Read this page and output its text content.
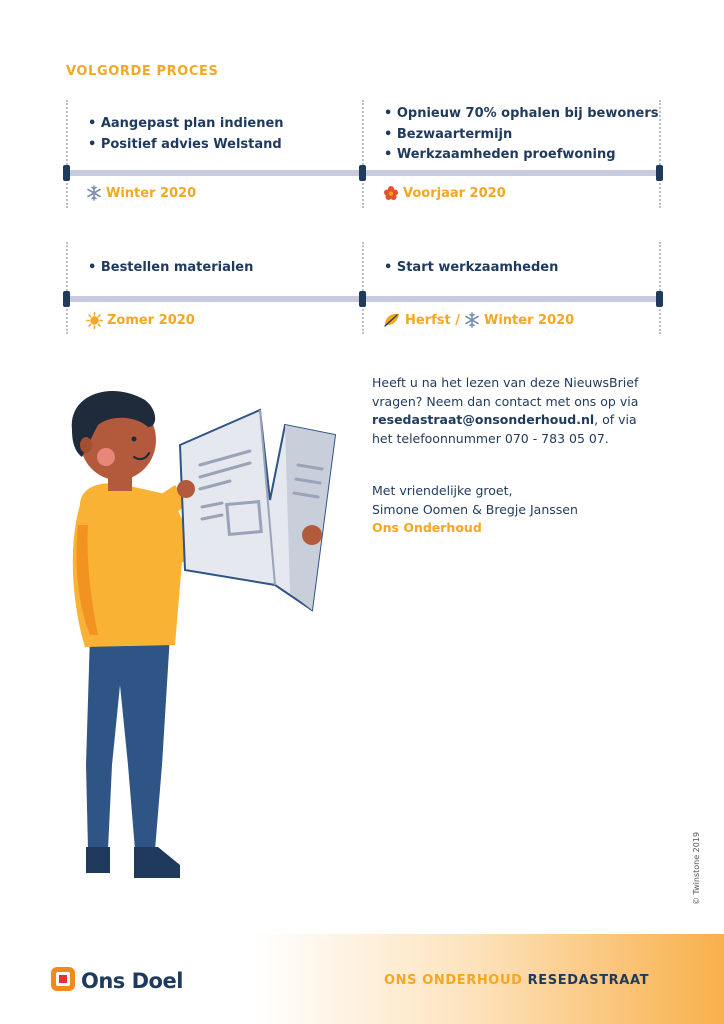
VOLGORDE PROCES
• Aangepast plan indienen
• Positief advies Welstand
• Opnieuw 70% ophalen bij bewoners
• Bezwaartermijn
• Werkzaamheden proefwoning
Winter 2020	Voorjaar 2020
• Bestellen materialen
•	Start werkzaamheden
Zomer 2020	Herfst / Winter 2020

Heeft u na het lezen van deze NieuwsBrief

vragen? Neem dan contact met ons op via

resedastraat@onsonderhoud.nl, of via

het telefoonnummer 070 - 783 05 07.

Met vriendelijke groet,

Simone Oomen & Bregje Janssen

Ons Onderhoud

© Twinstone 2019
Ons Doel	ONS ONDERHOUD RESEDASTRAAT
